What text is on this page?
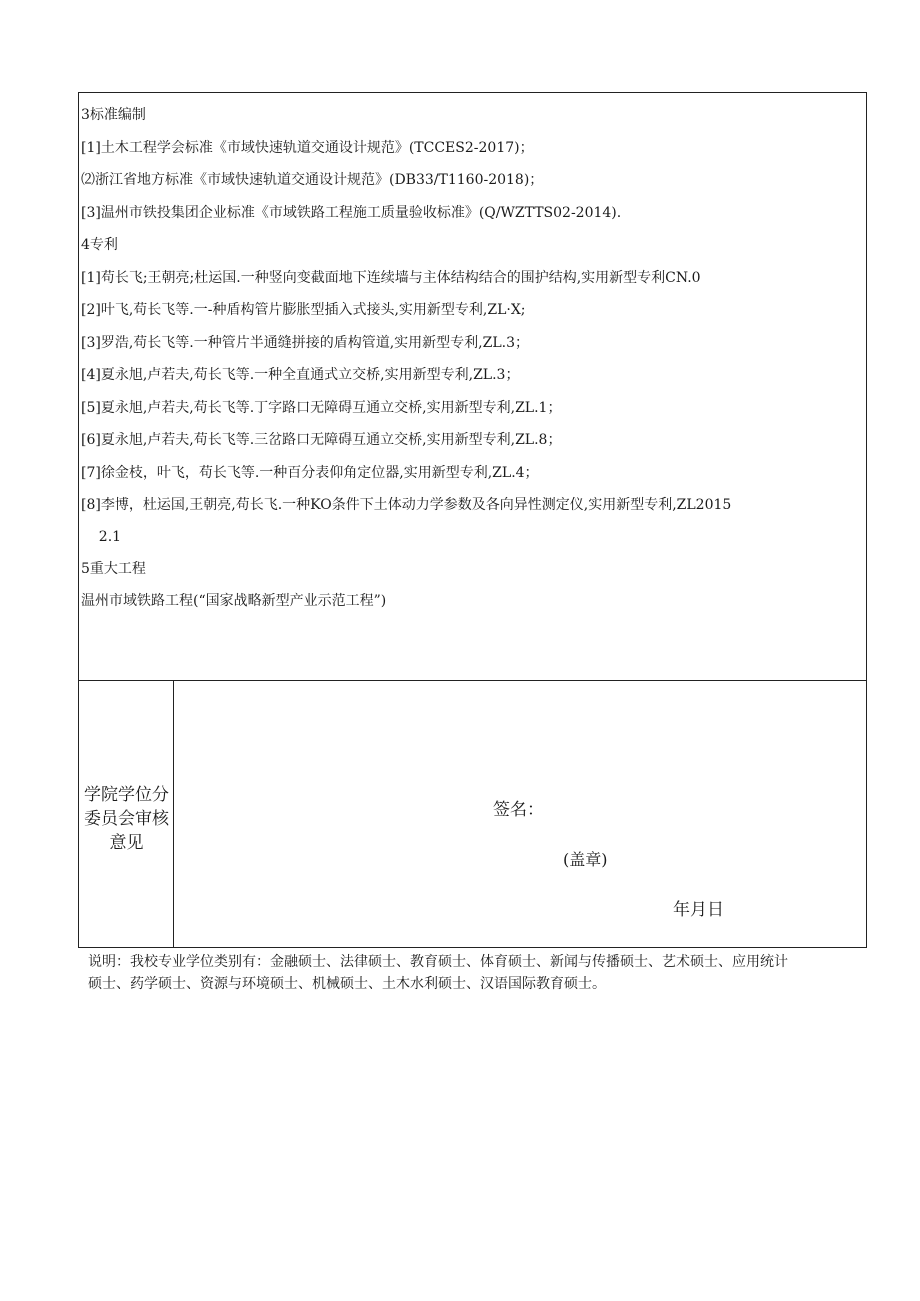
3标准编制
[1]土木工程学会标准《市域快速轨道交通设计规范》(TCCES2-2017)；
⑵浙江省地方标准《市域快速轨道交通设计规范》(DB33/T1160-2018)；
[3]温州市铁投集团企业标准《市域铁路工程施工质量验收标准》(Q/WZTTS02-2014).
4专利
[1]苟长飞;王朝亮;杜运国.一种竖向变截面地下连续墙与主体结构结合的围护结构,实用新型专利CN.0
[2]叶飞,苟长飞等.一-种盾构管片膨胀型插入式接头,实用新型专利,ZL·X;
[3]罗浩,苟长飞等.一种管片半通缝拼接的盾构管道,实用新型专利,ZL.3；
[4]夏永旭,卢若夫,苟长飞等.一种全直通式立交桥,实用新型专利,ZL.3；
[5]夏永旭,卢若夫,苟长飞等.丁字路口无障碍互通立交桥,实用新型专利,ZL.1；
[6]夏永旭,卢若夫,苟长飞等.三岔路口无障碍互通立交桥,实用新型专利,ZL.8；
[7]徐金枝，叶飞，苟长飞等.一种百分表仰角定位器,实用新型专利,ZL.4；
[8]李博，杜运国,王朝亮,苟长飞.一种KO条件下土体动力学参数及各向异性测定仪,实用新型专利,ZL2015
2.1
5重大工程
温州市域铁路工程(“国家战略新型产业示范工程”)
学院学位分
委员会审核
意见
签名：
(盖章)
年月日
说明：我校专业学位类别有：金融硕士、法律硕士、教育硕士、体育硕士、新闻与传播硕士、艺术硕士、应用统计
硕士、药学硕士、资源与环境硕士、机械硕士、土木水利硕士、汉语国际教育硕士。
